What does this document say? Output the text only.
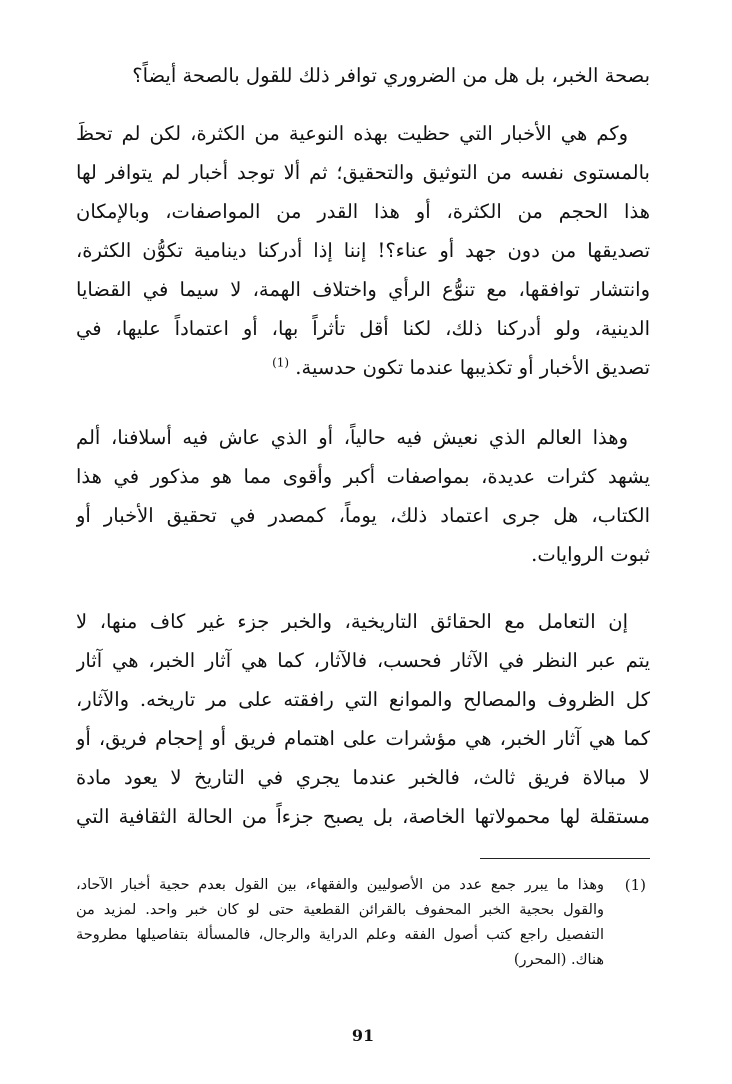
بصحة الخبر، بل هل من الضروري توافر ذلك للقول بالصحة أيضاً؟
وكم هي الأخبار التي حظيت بهذه النوعية من الكثرة، لكن لم تحظَ
بالمستوى نفسه من التوثيق والتحقيق؛ ثم ألا توجد أخبار لم يتوافر لها
هذا الحجم من الكثرة، أو هذا القدر من المواصفات، وبالإمكان
تصديقها من دون جهد أو عناء؟! إننا إذا أدركنا دينامية تكوُّن الكثرة،
وانتشار توافقها، مع تنوُّع الرأي واختلاف الهمة، لا سيما في القضايا
الدينية، ولو أدركنا ذلك، لكنا أقل تأثراً بها، أو اعتماداً عليها، في
تصديق الأخبار أو تكذيبها عندما تكون حدسية. $^{(1)}$
وهذا العالم الذي نعيش فيه حالياً، أو الذي عاش فيه أسلافنا، ألم
يشهد كثرات عديدة، بمواصفات أكبر وأقوى مما هو مذكور في هذا
الكتاب، هل جرى اعتماد ذلك، يوماً، كمصدر في تحقيق الأخبار أو
ثبوت الروايات.
إن التعامل مع الحقائق التاريخية، والخبر جزء غير كاف منها، لا
يتم عبر النظر في الآثار فحسب، فالآثار، كما هي آثار الخبر، هي آثار
كل الظروف والمصالح والموانع التي رافقته على مر تاريخه. والآثار،
كما هي آثار الخبر، هي مؤشرات على اهتمام فريق أو إحجام فريق، أو
لا مبالاة فريق ثالث، فالخبر عندما يجري في التاريخ لا يعود مادة
مستقلة لها محمولاتها الخاصة، بل يصبح جزءاً من الحالة الثقافية التي
(1)
وهذا ما يبرر جمع عدد من الأصوليين والفقهاء، بين القول بعدم حجية أخبار الآحاد،
والقول بحجية الخبر المحفوف بالقرائن القطعية حتى لو كان خبر واحد. لمزيد من
التفصيل راجع كتب أصول الفقه وعلم الدراية والرجال، فالمسألة بتفاصيلها مطروحة
هناك. (المحرر)
91
